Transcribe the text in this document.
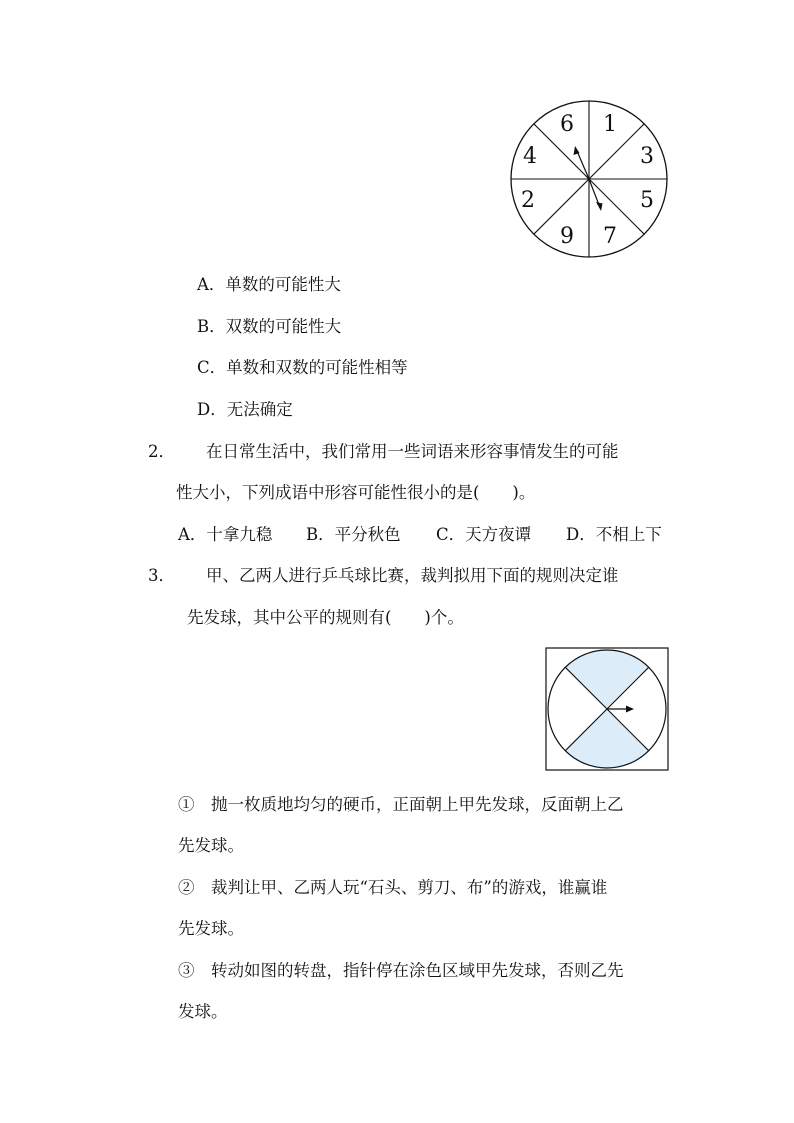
6 1
3
5
7
9
2
4
A．单数的可能性大
B．双数的可能性大
C．单数和双数的可能性相等
D．无法确定
2． 在日常生活中，我们常用一些词语来形容事情发生的可能
性大小，下列成语中形容可能性很小的是(　　)。
A．十拿九稳 B．平分秋色 C．天方夜谭 D．不相上下
3． 甲、乙两人进行乒乓球比赛，裁判拟用下面的规则决定谁
先发球，其中公平的规则有(　　)个。
①　抛一枚质地均匀的硬币，正面朝上甲先发球，反面朝上乙
先发球。
②　裁判让甲、乙两人玩“石头、剪刀、布”的游戏，谁赢谁
先发球。
③　转动如图的转盘，指针停在涂色区域甲先发球，否则乙先
发球。
